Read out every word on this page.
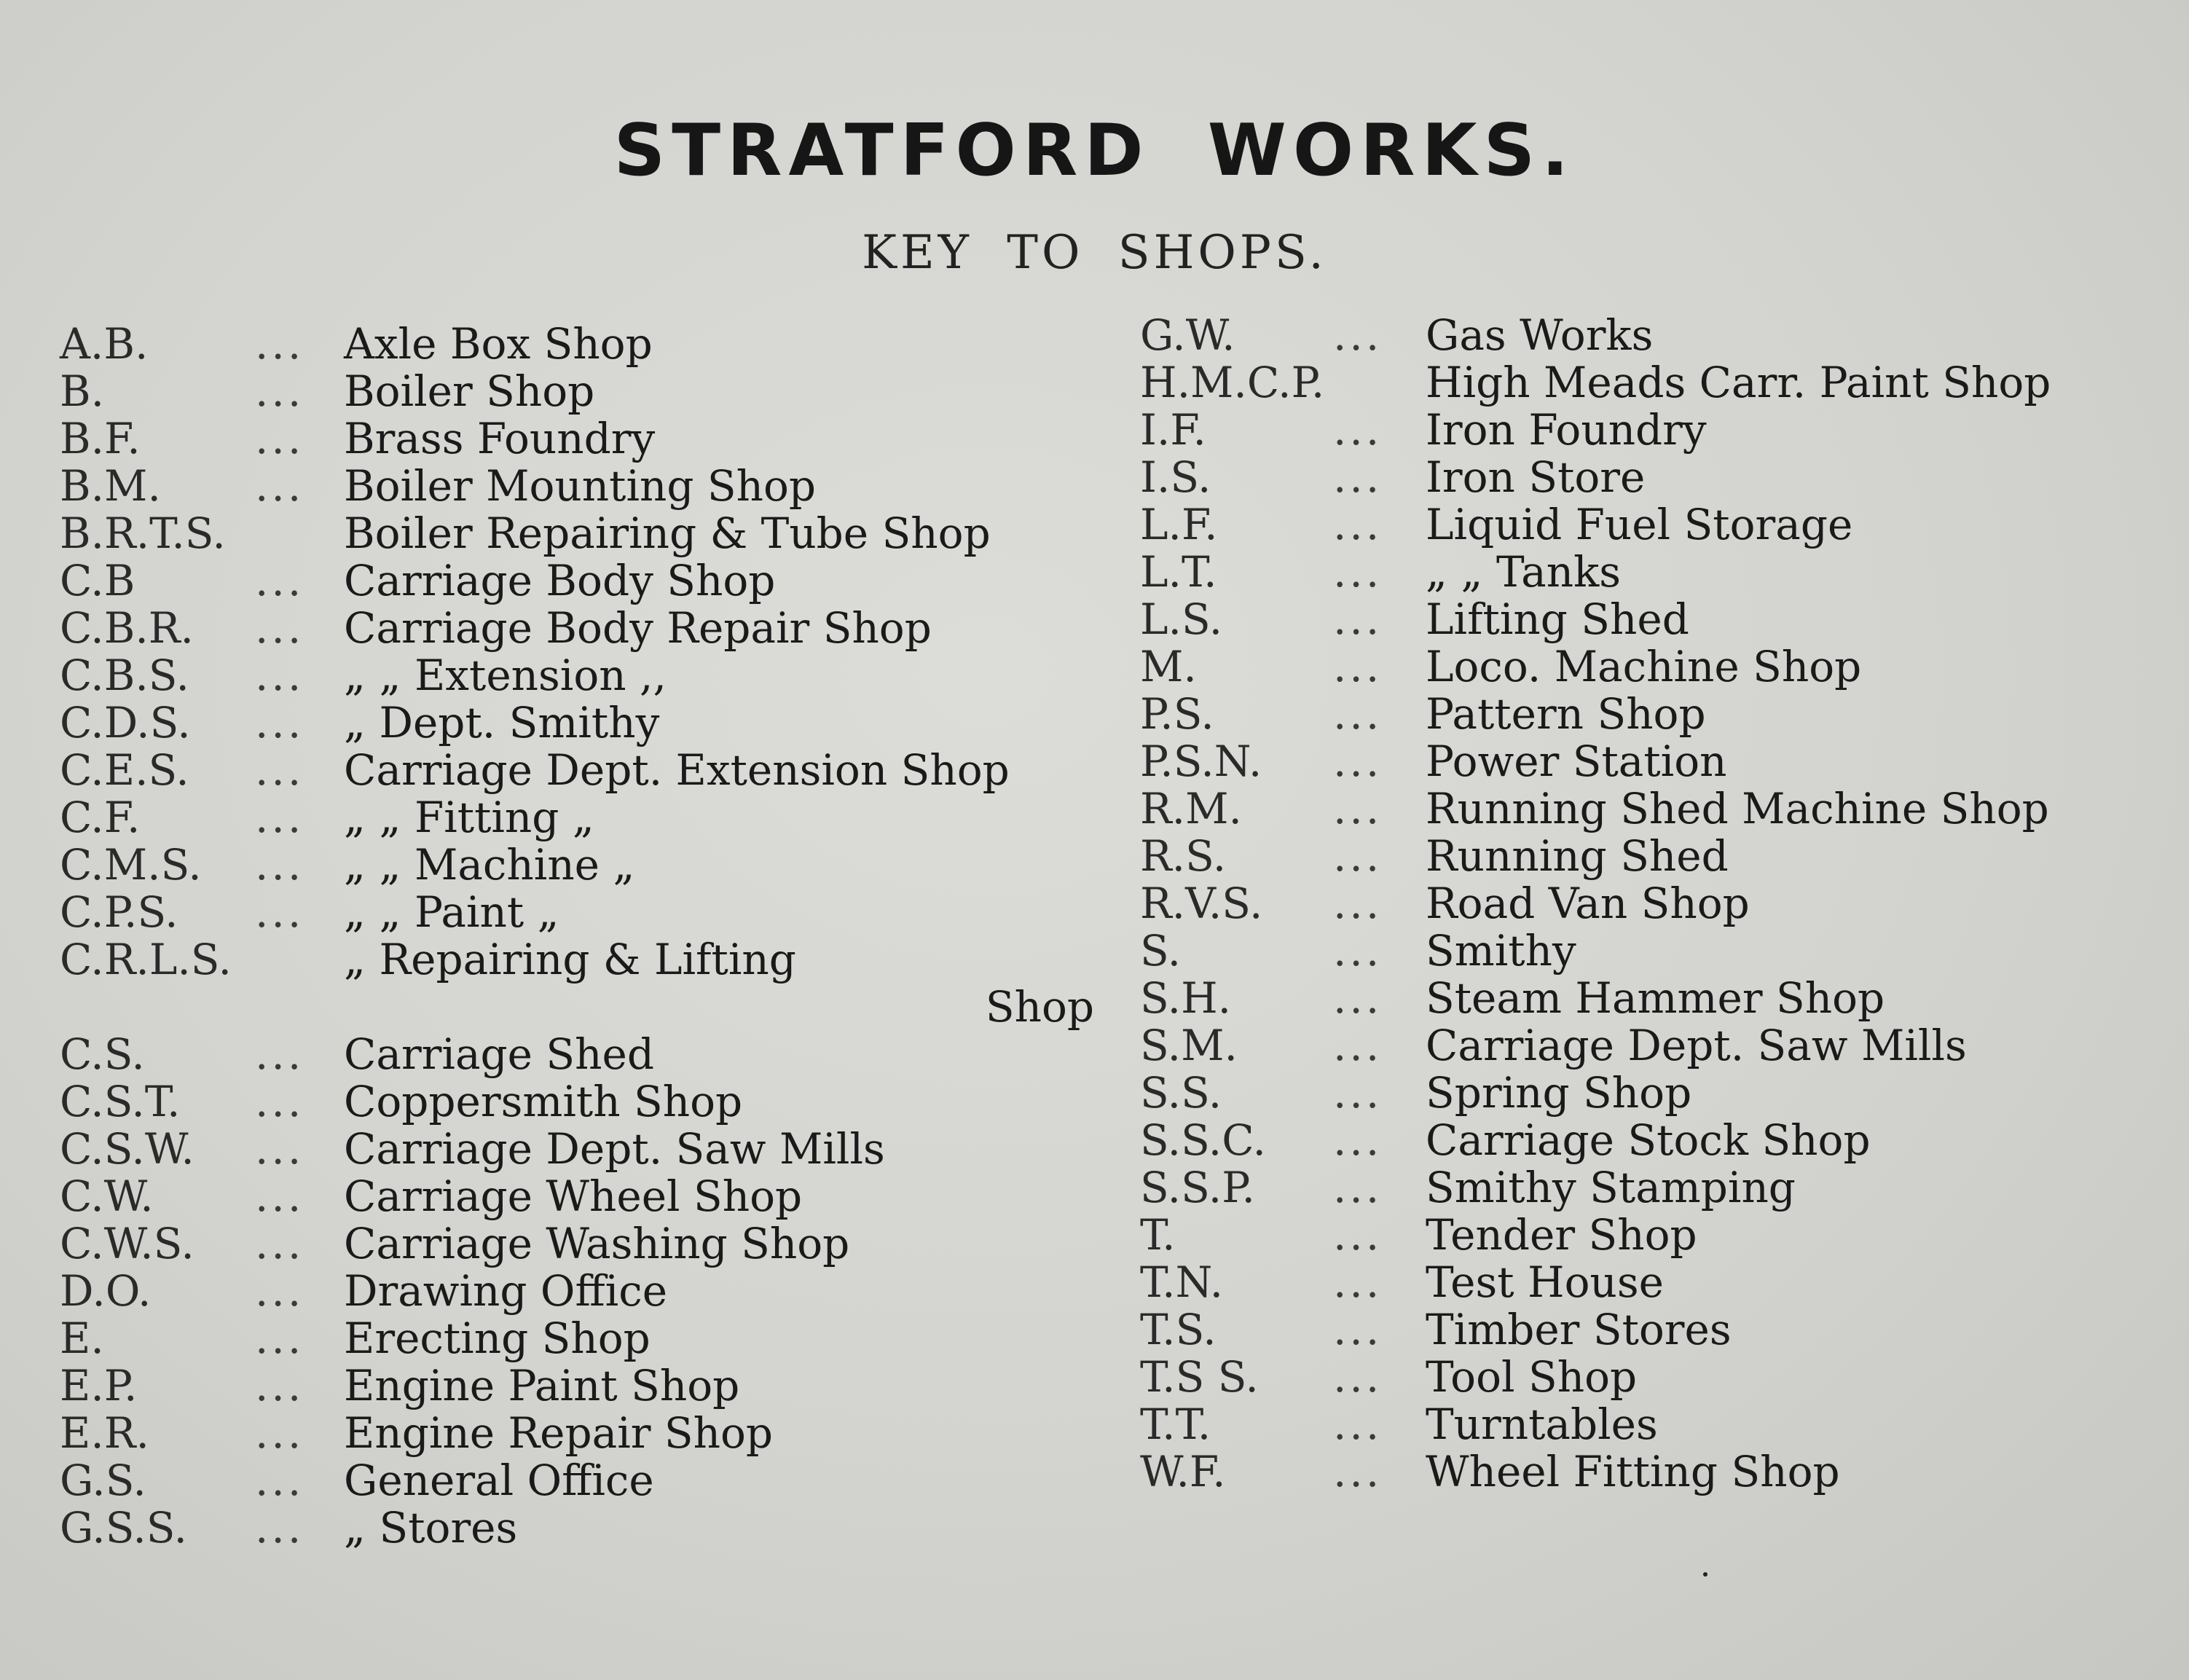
STRATFORD WORKS.
KEY TO SHOPS.
A.B.	... Axle Box Shop
B.	... Boiler Shop
B.F.	... Brass Foundry
B.M. ... Boiler Mounting Shop
B.R.T.S.	Boiler Repairing & Tube Shop
C.B	... Carriage Body Shop
C.B.R. ... Carriage Body Repair Shop
C.B.S. ... „ „ Extension ,,
C.D.S. ... „ Dept. Smithy
C.E.S. ... Carriage Dept. Extension Shop
C.F.	... „ „ Fitting „
C.M.S. ... „ „ Machine „
C.P.S. ... „ „ Paint „
C.R.L.S.	„ Repairing & Lifting
Shop
C.S.	... Carriage Shed
C.S.T. ... Coppersmith Shop
C.S.W. ... Carriage Dept. Saw Mills
C.W. ... Carriage Wheel Shop
C.W.S. ... Carriage Washing Shop
D.O. ... Drawing Office
E.	... Erecting Shop
E.P.	... Engine Paint Shop
E.R.	... Engine Repair Shop
G.S.	... General Office
G.S.S. ... „ Stores
G.W. ... Gas Works
H.M.C.P. High Meads Carr. Paint Shop
I.F.	... Iron Foundry
I.S.	... Iron Store
L.F.	... Liquid Fuel Storage
L.T.	... „ „ Tanks
L.S.	... Lifting Shed
M.	... Loco. Machine Shop
P.S.	... Pattern Shop
P.S.N. ... Power Station
R.M. ... Running Shed Machine Shop
R.S.	... Running Shed
R.V.S. ... Road Van Shop
S.	... Smithy
S.H. ... Steam Hammer Shop
S.M. ... Carriage Dept. Saw Mills
S.S.	... Spring Shop
S.S.C. ... Carriage Stock Shop
S.S.P. ... Smithy Stamping
T.	... Tender Shop
T.N.	... Test House
T.S.	... Timber Stores
T.S S. ... Tool Shop
T.T.	... Turntables
W.F.	... Wheel Fitting Shop
